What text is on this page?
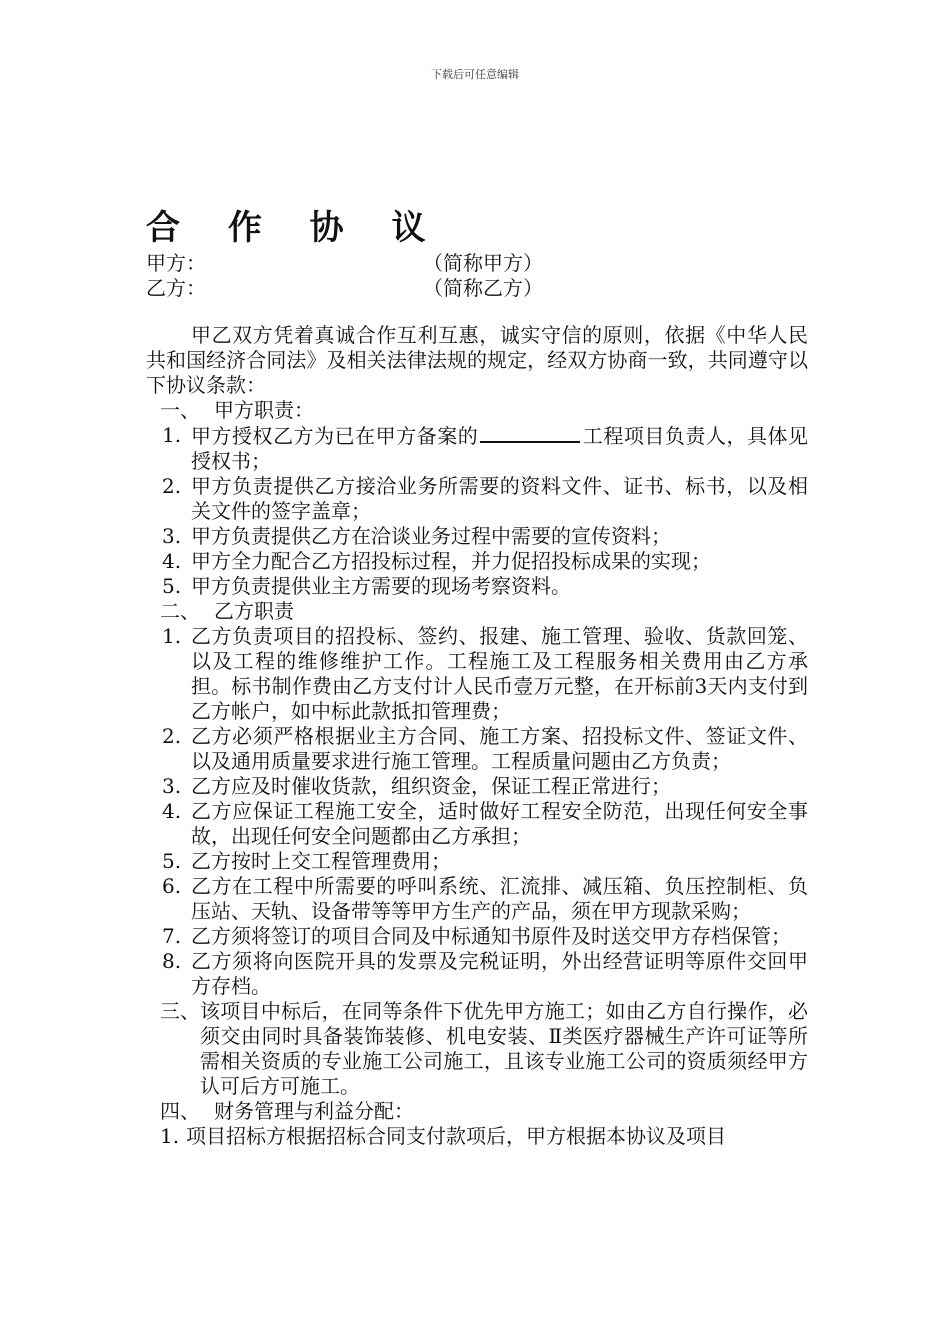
下载后可任意编辑
合 作 协 议
甲方：	（简称甲方）
乙方：	（简称乙方）
甲乙双方凭着真诚合作互利互惠，诚实守信的原则，依据《中华人民共和国经济合同法》及相关法律法规的规定，经双方协商一致，共同遵守以下协议条款：
一、 甲方职责：
1. 甲方授权乙方为已在甲方备案的	工程项目负责人，具体见授权书；
2. 甲方负责提供乙方接洽业务所需要的资料文件、证书、标书，以及相关文件的签字盖章；
3. 甲方负责提供乙方在洽谈业务过程中需要的宣传资料；
4. 甲方全力配合乙方招投标过程，并力促招投标成果的实现；
5. 甲方负责提供业主方需要的现场考察资料。
二、 乙方职责
1. 乙方负责项目的招投标、签约、报建、施工管理、验收、货款回笼、以及工程的维修维护工作。工程施工及工程服务相关费用由乙方承担。标书制作费由乙方支付计人民币壹万元整，在开标前3天内支付到乙方帐户，如中标此款抵扣管理费；
2. 乙方必须严格根据业主方合同、施工方案、招投标文件、签证文件、以及通用质量要求进行施工管理。工程质量问题由乙方负责；
3. 乙方应及时催收货款，组织资金，保证工程正常进行；
4. 乙方应保证工程施工安全，适时做好工程安全防范，出现任何安全事故，出现任何安全问题都由乙方承担；
5. 乙方按时上交工程管理费用；
6. 乙方在工程中所需要的呼叫系统、汇流排、减压箱、负压控制柜、负压站、天轨、设备带等等甲方生产的产品，须在甲方现款采购；
7. 乙方须将签订的项目合同及中标通知书原件及时送交甲方存档保管；
8. 乙方须将向医院开具的发票及完税证明，外出经营证明等原件交回甲方存档。
三、 该项目中标后，在同等条件下优先甲方施工；如由乙方自行操作，必须交由同时具备装饰装修、机电安装、Ⅱ类医疗器械生产许可证等所需相关资质的专业施工公司施工，且该专业施工公司的资质须经甲方认可后方可施工。
四、 财务管理与利益分配：
1. 项目招标方根据招标合同支付款项后，甲方根据本协议及项目
